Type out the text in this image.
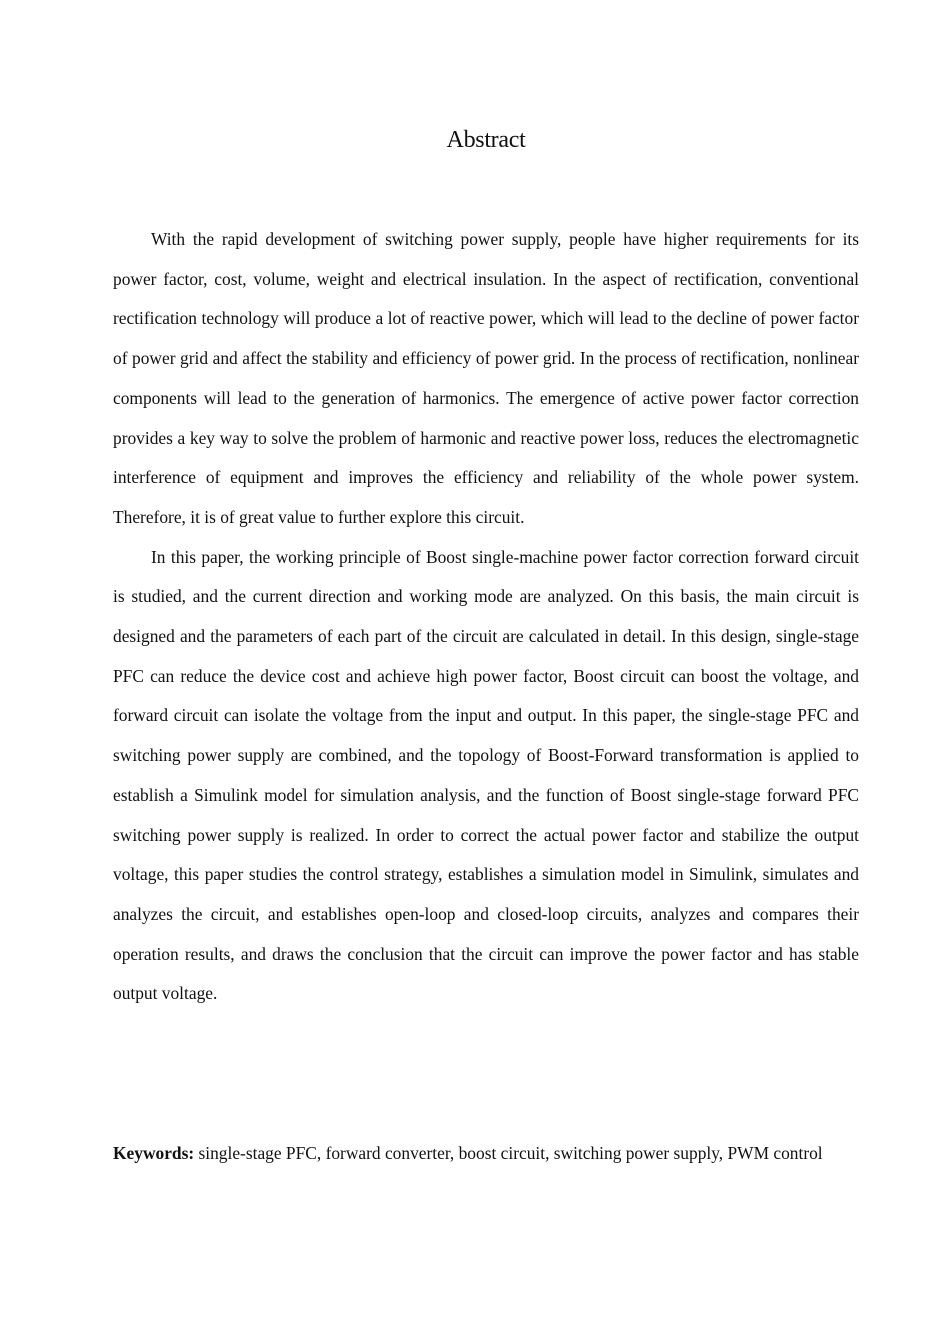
Abstract

With the rapid development of switching power supply, people have higher requirements for its power factor, cost, volume, weight and electrical insulation. In the aspect of rectification, conventional rectification technology will produce a lot of reactive power, which will lead to the decline of power factor of power grid and affect the stability and efficiency of power grid. In the process of rectification, nonlinear components will lead to the generation of harmonics. The emergence of active power factor correction provides a key way to solve the problem of harmonic and reactive power loss, reduces the electromagnetic interference of equipment and improves the efficiency and reliability of the whole power system. Therefore, it is of great value to further explore this circuit.

In this paper, the working principle of Boost single-machine power factor correction forward circuit is studied, and the current direction and working mode are analyzed. On this basis, the main circuit is designed and the parameters of each part of the circuit are calculated in detail. In this design, single-stage PFC can reduce the device cost and achieve high power factor, Boost circuit can boost the voltage, and forward circuit can isolate the voltage from the input and output. In this paper, the single-stage PFC and switching power supply are combined, and the topology of Boost-Forward transformation is applied to establish a Simulink model for simulation analysis, and the function of Boost single-stage forward PFC switching power supply is realized. In order to correct the actual power factor and stabilize the output voltage, this paper studies the control strategy, establishes a simulation model in Simulink, simulates and analyzes the circuit, and establishes open-loop and closed-loop circuits, analyzes and compares their operation results, and draws the conclusion that the circuit can improve the power factor and has stable output voltage.

Keywords: single-stage PFC, forward converter, boost circuit, switching power supply, PWM control
